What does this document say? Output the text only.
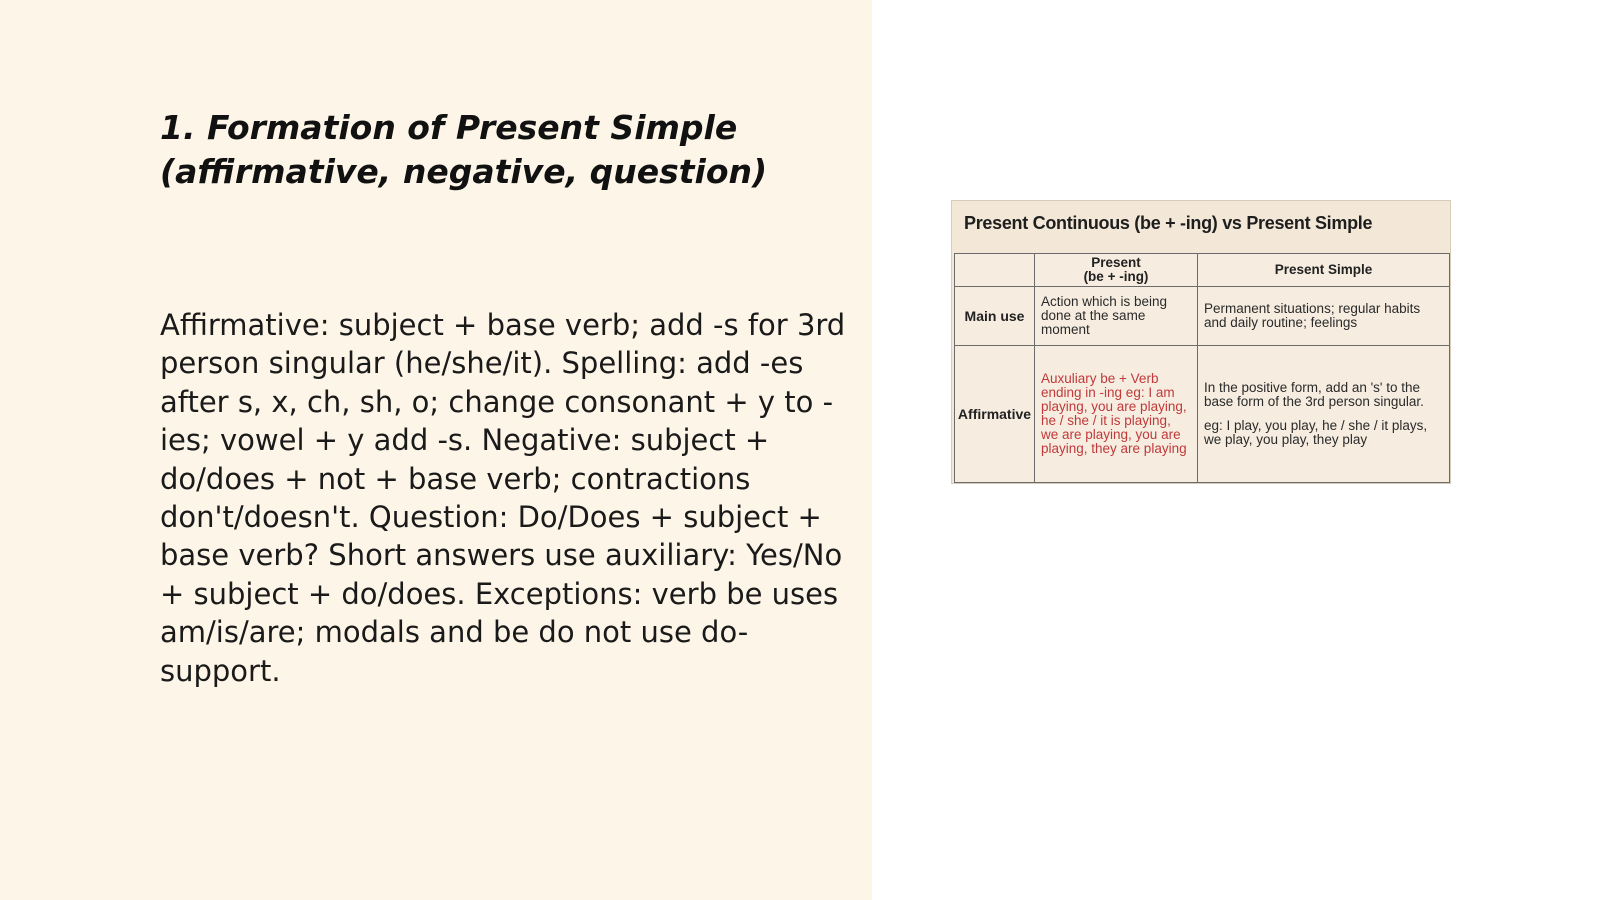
1. Formation of Present Simple
(affirmative, negative, question)

Affirmative: subject + base verb; add -s for 3rd person singular (he/she/it). Spelling: add -es after s, x, ch, sh, o; change consonant + y to -ies; vowel + y add -s. Negative: subject + do/does + not + base verb; contractions don't/doesn't. Question: Do/Does + subject + base verb? Short answers use auxiliary: Yes/No + subject + do/does. Exceptions: verb be uses am/is/are; modals and be do not use do-support.

Present Continuous (be + -ing) vs Present Simple
	Present
(be + -ing)	Present Simple
Main use	Action which is being done at the same moment	Permanent situations; regular habits and daily routine; feelings
Affirmative	Auxuliary be + Verb ending in -ing eg: I am playing, you are playing, he / she / it is playing, we are playing, you are playing, they are playing	In the positive form, add an 's' to the base form of the 3rd person singular.
eg: I play, you play, he / she / it plays, we play, you play, they play
